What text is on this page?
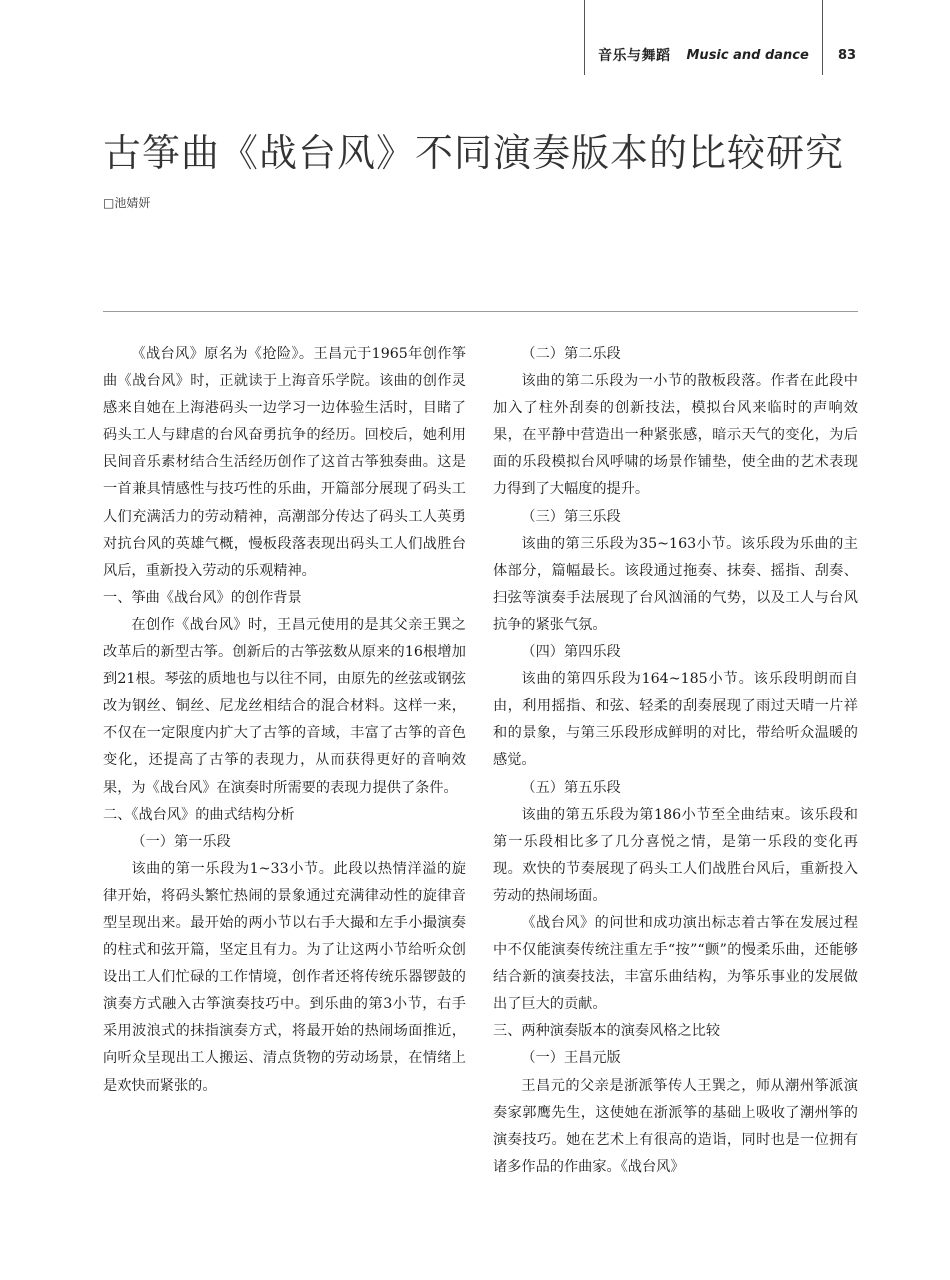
音乐与舞蹈 Music and dance 83
古筝曲《战台风》不同演奏版本的比较研究
□池婧妍

《战台风》原名为《抢险》。王昌元于1965年创作筝曲《战台风》时，正就读于上海音乐学院。该曲的创作灵感来自她在上海港码头一边学习一边体验生活时，目睹了码头工人与肆虐的台风奋勇抗争的经历。回校后，她利用民间音乐素材结合生活经历创作了这首古筝独奏曲。这是一首兼具情感性与技巧性的乐曲，开篇部分展现了码头工人们充满活力的劳动精神，高潮部分传达了码头工人英勇对抗台风的英雄气概，慢板段落表现出码头工人们战胜台风后，重新投入劳动的乐观精神。

一、筝曲《战台风》的创作背景

在创作《战台风》时，王昌元使用的是其父亲王巽之改革后的新型古筝。创新后的古筝弦数从原来的16根增加到21根。琴弦的质地也与以往不同，由原先的丝弦或钢弦改为钢丝、铜丝、尼龙丝相结合的混合材料。这样一来，不仅在一定限度内扩大了古筝的音域，丰富了古筝的音色变化，还提高了古筝的表现力，从而获得更好的音响效果，为《战台风》在演奏时所需要的表现力提供了条件。

二、《战台风》的曲式结构分析

（一）第一乐段

该曲的第一乐段为1~33小节。此段以热情洋溢的旋律开始，将码头繁忙热闹的景象通过充满律动性的旋律音型呈现出来。最开始的两小节以右手大撮和左手小撮演奏的柱式和弦开篇，坚定且有力。为了让这两小节给听众创设出工人们忙碌的工作情境，创作者还将传统乐器锣鼓的演奏方式融入古筝演奏技巧中。到乐曲的第3小节，右手采用波浪式的抹指演奏方式，将最开始的热闹场面推近，向听众呈现出工人搬运、清点货物的劳动场景，在情绪上是欢快而紧张的。

（二）第二乐段

该曲的第二乐段为一小节的散板段落。作者在此段中加入了柱外刮奏的创新技法，模拟台风来临时的声响效果，在平静中营造出一种紧张感，暗示天气的变化，为后面的乐段模拟台风呼啸的场景作铺垫，使全曲的艺术表现力得到了大幅度的提升。

（三）第三乐段

该曲的第三乐段为35~163小节。该乐段为乐曲的主体部分，篇幅最长。该段通过拖奏、抹奏、摇指、刮奏、扫弦等演奏手法展现了台风汹涌的气势，以及工人与台风抗争的紧张气氛。

（四）第四乐段

该曲的第四乐段为164~185小节。该乐段明朗而自由，利用摇指、和弦、轻柔的刮奏展现了雨过天晴一片祥和的景象，与第三乐段形成鲜明的对比，带给听众温暖的感觉。

（五）第五乐段

该曲的第五乐段为第186小节至全曲结束。该乐段和第一乐段相比多了几分喜悦之情，是第一乐段的变化再现。欢快的节奏展现了码头工人们战胜台风后，重新投入劳动的热闹场面。

《战台风》的问世和成功演出标志着古筝在发展过程中不仅能演奏传统注重左手“按”“颤”的慢柔乐曲，还能够结合新的演奏技法，丰富乐曲结构，为筝乐事业的发展做出了巨大的贡献。

三、两种演奏版本的演奏风格之比较

（一）王昌元版

王昌元的父亲是浙派筝传人王巽之，师从潮州筝派演奏家郭鹰先生，这使她在浙派筝的基础上吸收了潮州筝的演奏技巧。她在艺术上有很高的造诣，同时也是一位拥有诸多作品的作曲家。《战台风》
